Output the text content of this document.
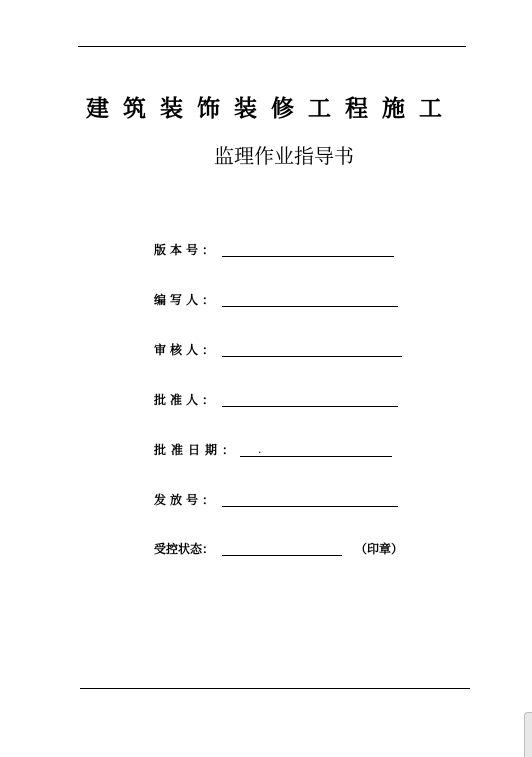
建筑装饰装修工程施工
监理作业指导书
版本号：
编写人：
审核人：
批准人：
批准日期： .
发放号：
受控状态：	（印章）
